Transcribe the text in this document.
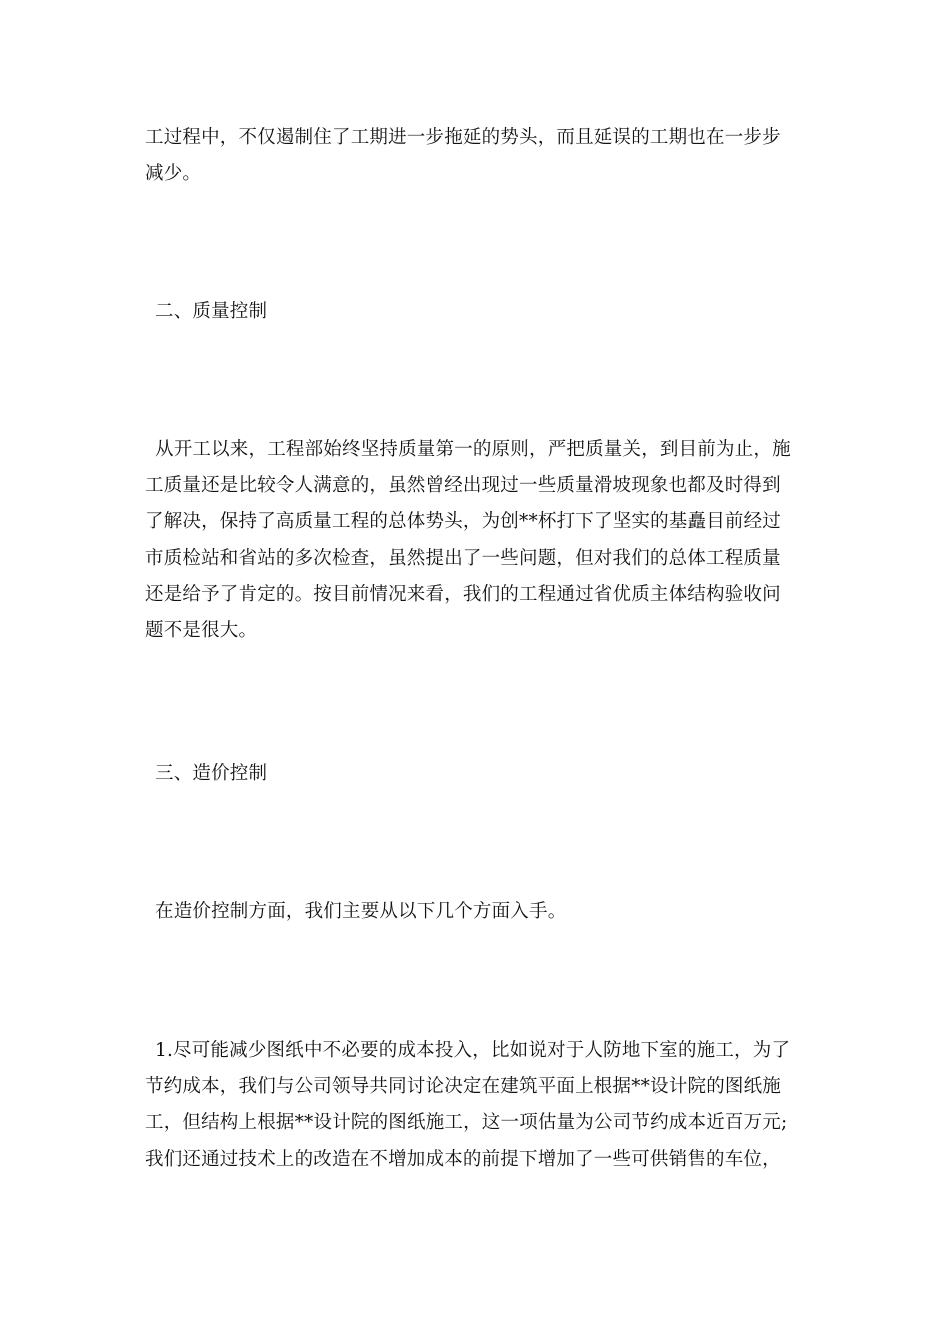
工过程中，不仅遏制住了工期进一步拖延的势头，而且延误的工期也在一步步
减少。
二、质量控制
从开工以来，工程部始终坚持质量第一的原则，严把质量关，到目前为止，施
工质量还是比较令人满意的，虽然曾经出现过一些质量滑坡现象也都及时得到
了解决，保持了高质量工程的总体势头，为创**杯打下了坚实的基矗目前经过
市质检站和省站的多次检查，虽然提出了一些问题，但对我们的总体工程质量
还是给予了肯定的。按目前情况来看，我们的工程通过省优质主体结构验收问
题不是很大。
三、造价控制
在造价控制方面，我们主要从以下几个方面入手。
1.尽可能减少图纸中不必要的成本投入，比如说对于人防地下室的施工，为了
节约成本，我们与公司领导共同讨论决定在建筑平面上根据**设计院的图纸施
工，但结构上根据**设计院的图纸施工，这一项估量为公司节约成本近百万元;
我们还通过技术上的改造在不增加成本的前提下增加了一些可供销售的车位，
